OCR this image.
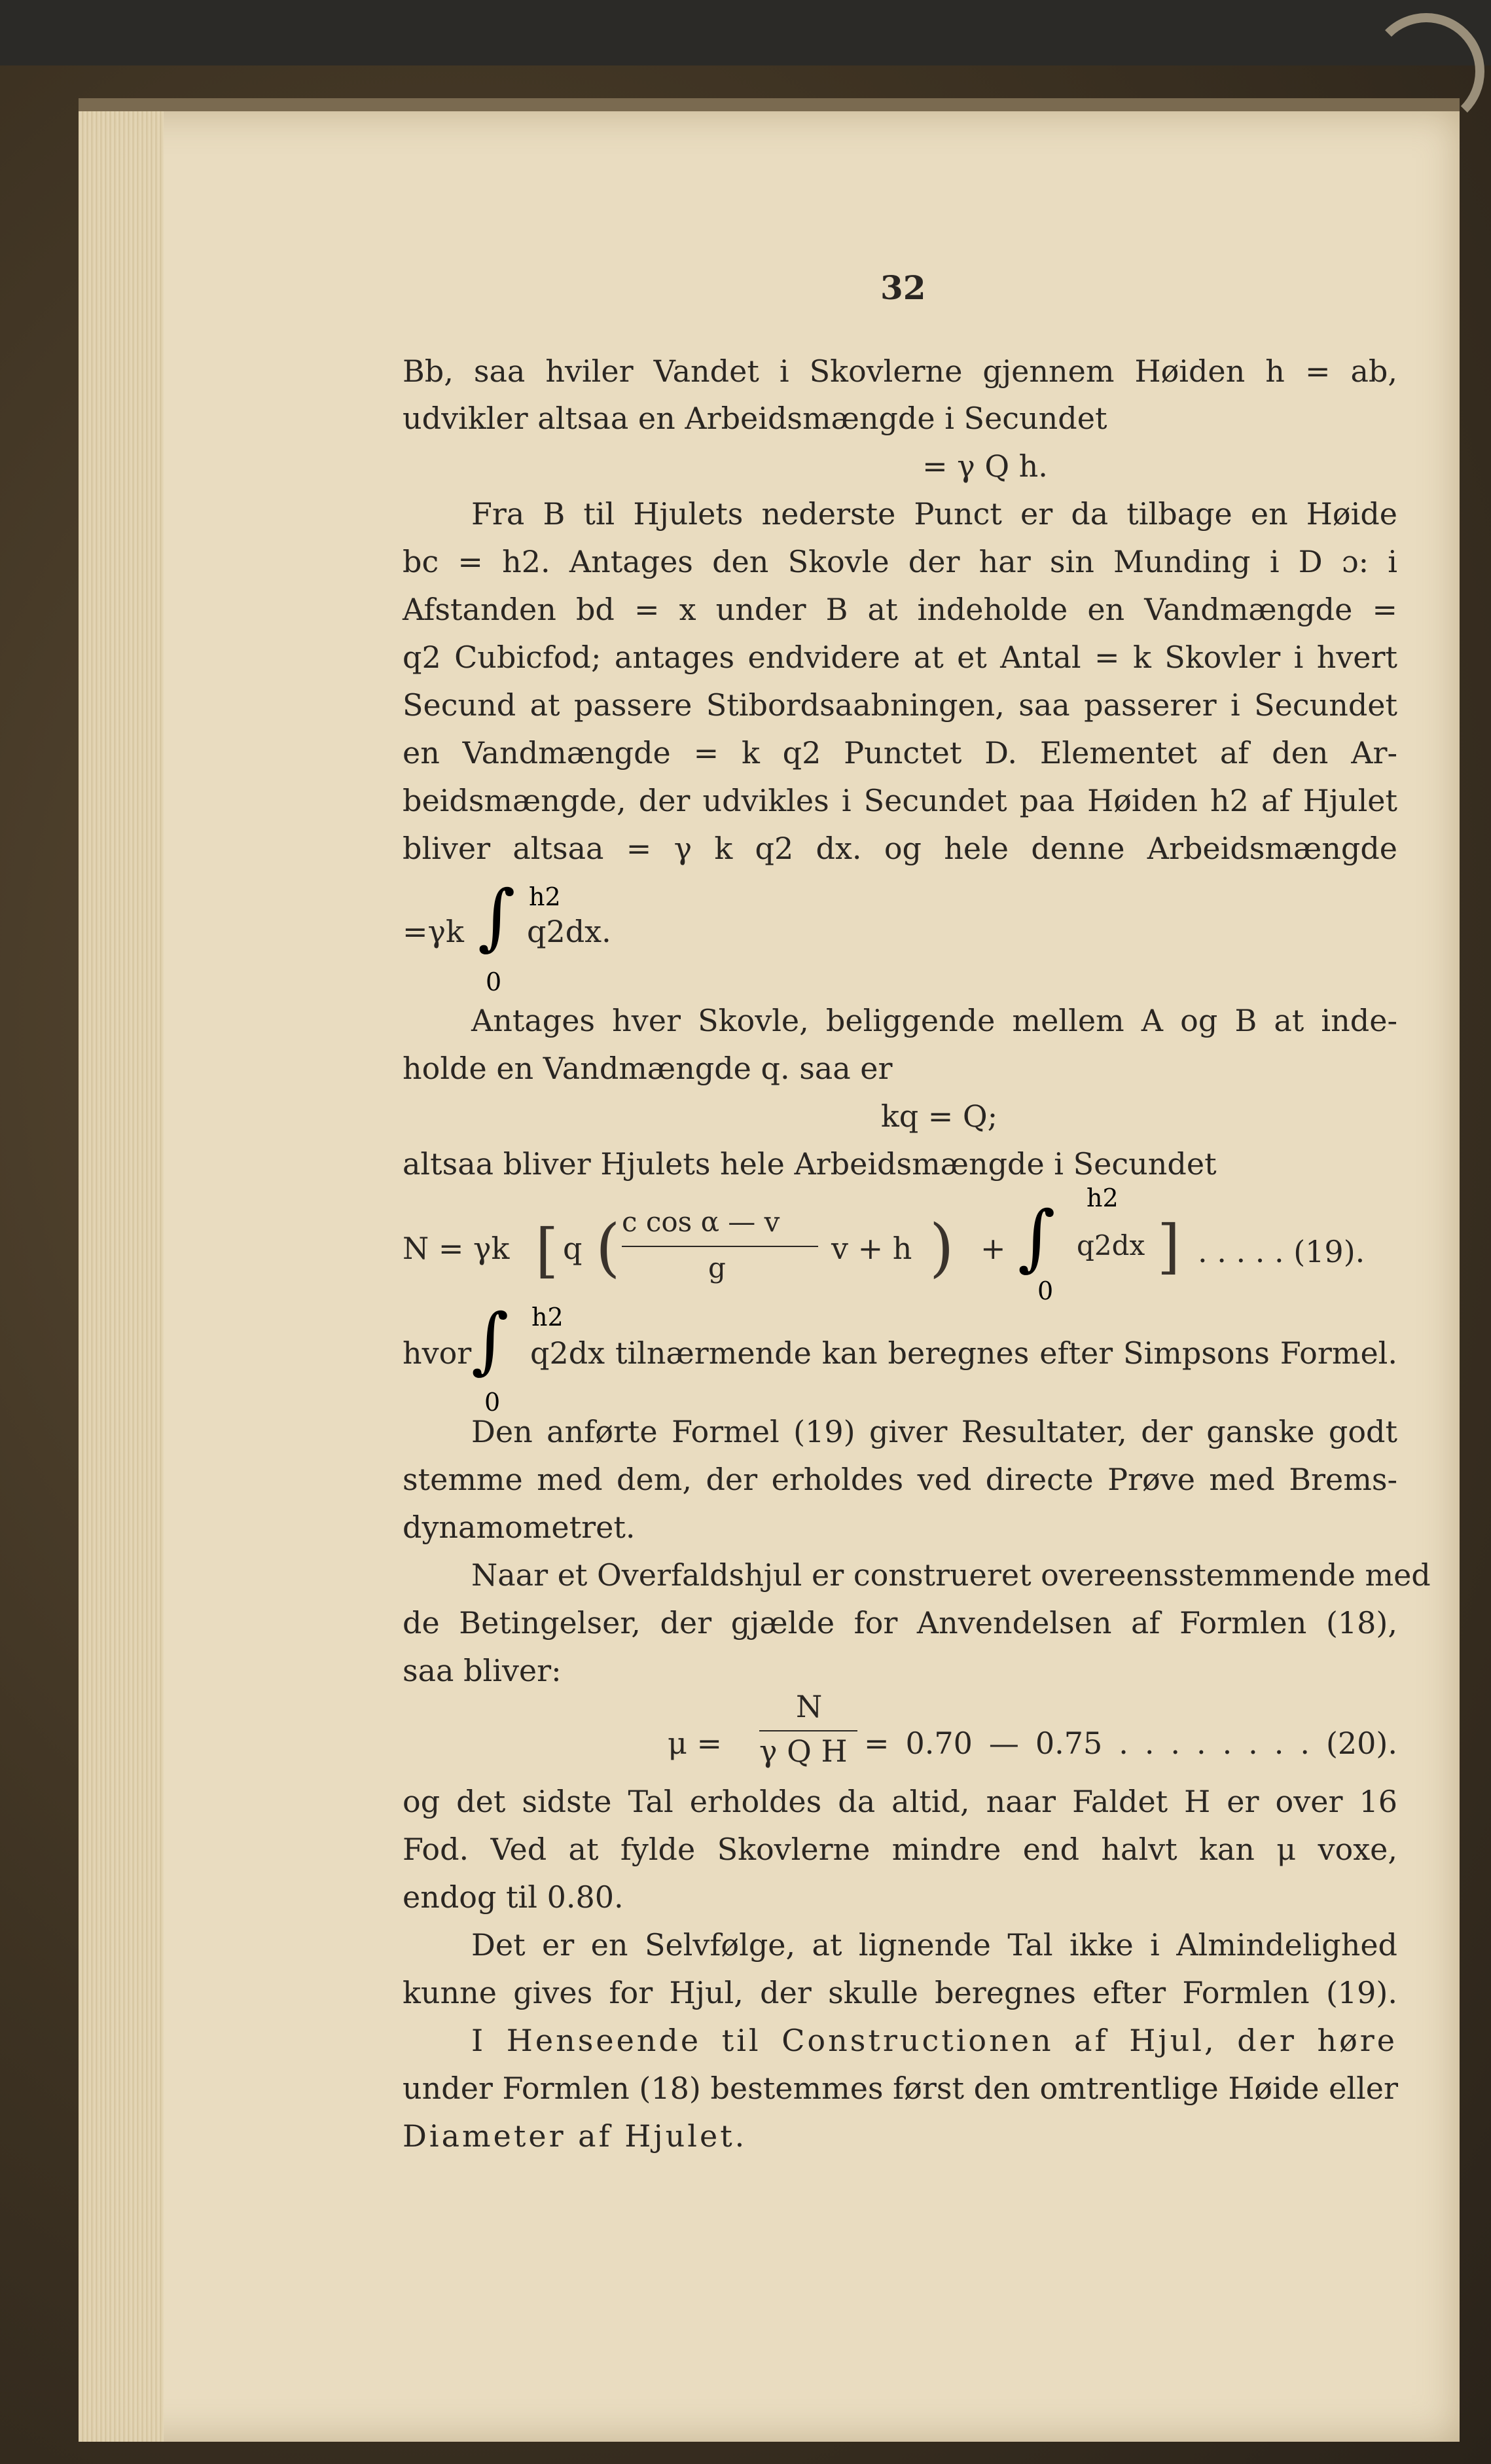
32
Bb, saa hviler Vandet i Skovlerne gjennem Høiden h = ab,
udvikler altsaa en Arbeidsmængde i Secundet
= γ Q h.
Fra B til Hjulets nederste Punct er da tilbage en Høide
bc = h2. Antages den Skovle der har sin Munding i D ɔ: i
Afstanden bd = x under B at indeholde en Vandmængde =
q2 Cubicfod; antages endvidere at et Antal = k Skovler i hvert
Secund at passere Stibordsaabningen, saa passerer i Secundet
en Vandmængde = k q2 Punctet D. Elementet af den Ar-
beidsmængde, der udvikles i Secundet paa Høiden h2 af Hjulet
bliver altsaa = γ k q2 dx. og hele denne Arbeidsmængde
=γk ∫ h2
0
q2dx.
Antages hver Skovle, beliggende mellem A og B at inde-
holde en Vandmængde q. saa er
kq = Q;
altsaa bliver Hjulets hele Arbeidsmængde i Secundet
N = γk [ q ( c cos α — v
g
v + h ) + ∫ h2
0
q2dx ] . . . . . (19).
hvor ∫ h2
0
q2dx tilnærmende kan beregnes efter Simpsons Formel.
Den anførte Formel (19) giver Resultater, der ganske godt
stemme med dem, der erholdes ved directe Prøve med Brems-
dynamometret.
Naar et Overfaldshjul er construeret overeensstemmende med
de Betingelser, der gjælde for Anvendelsen af Formlen (18),
saa bliver:
μ =
N
γ Q H = 0.70 — 0.75 . . . . . . . . (20).
og det sidste Tal erholdes da altid, naar Faldet H er over 16
Fod. Ved at fylde Skovlerne mindre end halvt kan μ voxe,
endog til 0.80.
Det er en Selvfølge, at lignende Tal ikke i Almindelighed
kunne gives for Hjul, der skulle beregnes efter Formlen (19).
I Henseende til Constructionen af Hjul, der høre
under Formlen (18) bestemmes først den omtrentlige Høide eller
Diameter af Hjulet.
